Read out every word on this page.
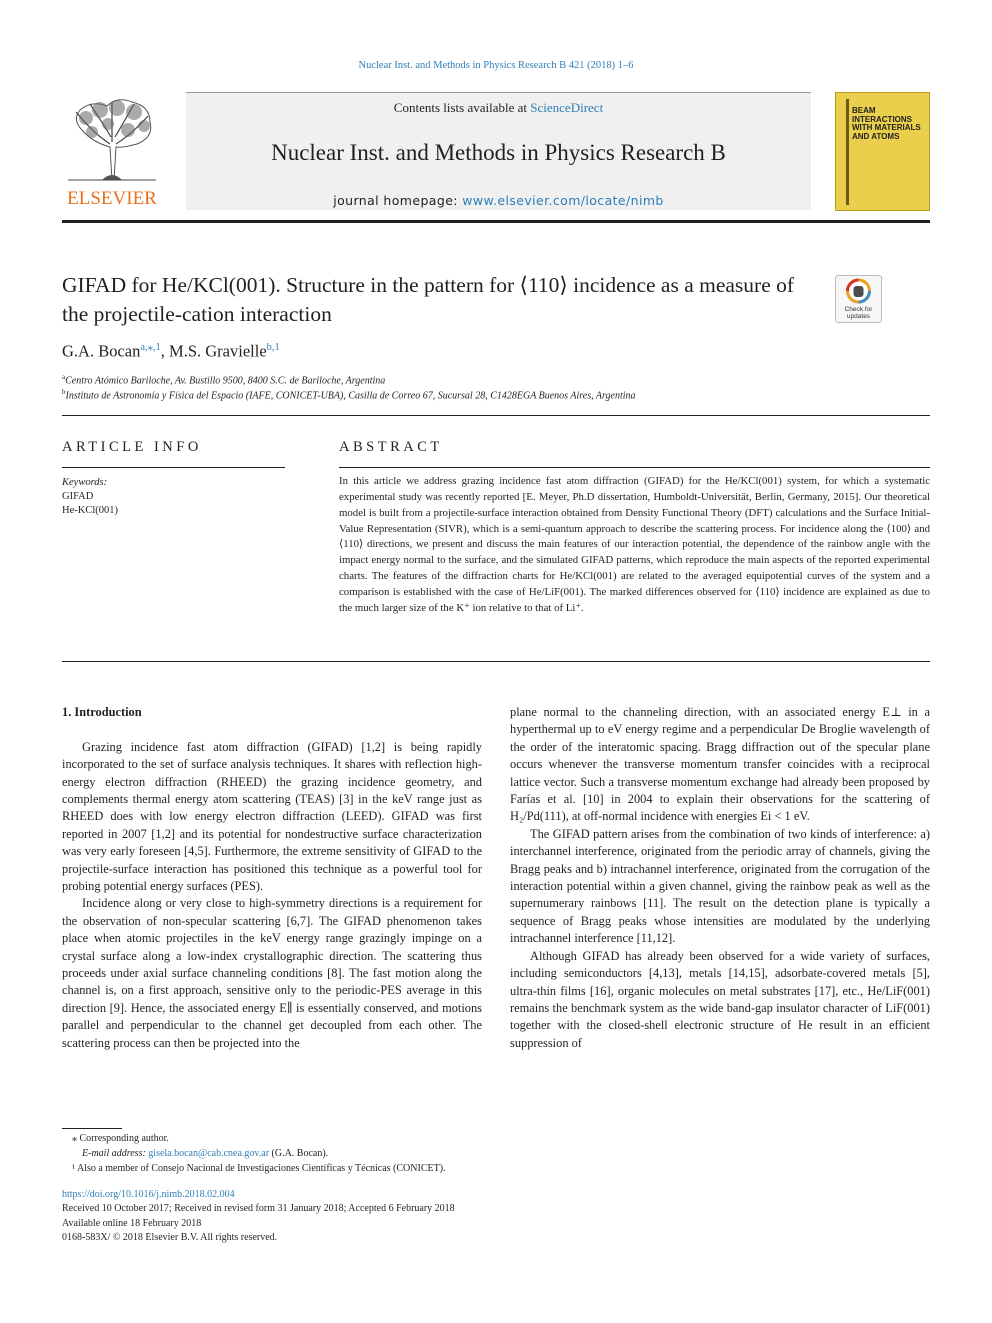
Nuclear Inst. and Methods in Physics Research B 421 (2018) 1–6
ELSEVIER
Contents lists available at ScienceDirect
Nuclear Inst. and Methods in Physics Research B
journal homepage: www.elsevier.com/locate/nimb
BEAM INTERACTIONS WITH MATERIALS AND ATOMS
GIFAD for He/KCl(001). Structure in the pattern for ⟨110⟩ incidence as a measure of the projectile-cation interaction	Check for
updates
G.A. Bocan$^{a,⁎,1}$, M.S. Gravielle$^{b,1}$
$^a$Centro Atómico Bariloche, Av. Bustillo 9500, 8400 S.C. de Bariloche, Argentina
$^b$Instituto de Astronomía y Física del Espacio (IAFE, CONICET-UBA), Casilla de Correo 67, Sucursal 28, C1428EGA Buenos Aires, Argentina
ARTICLE INFO	ABSTRACT
Keywords:
GIFAD
He-KCl(001)
In this article we address grazing incidence fast atom diffraction (GIFAD) for the He/KCl(001) system, for which a systematic experimental study was recently reported [E. Meyer, Ph.D dissertation, Humboldt-Universität, Berlin, Germany, 2015]. Our theoretical model is built from a projectile-surface interaction obtained from Density Functional Theory (DFT) calculations and the Surface Initial-Value Representation (SIVR), which is a semi-quantum approach to describe the scattering process. For incidence along the ⟨100⟩ and ⟨110⟩ directions, we present and discuss the main features of our interaction potential, the dependence of the rainbow angle with the impact energy normal to the surface, and the simulated GIFAD patterns, which reproduce the main aspects of the reported experimental charts. The features of the diffraction charts for He/KCl(001) are related to the averaged equipotential curves of the system and a comparison is established with the case of He/LiF(001). The marked differences observed for ⟨110⟩ incidence are explained as due to the much larger size of the K⁺ ion relative to that of Li⁺.

1. Introduction

Grazing incidence fast atom diffraction (GIFAD) [1,2] is being rapidly incorporated to the set of surface analysis techniques. It shares with reflection high-energy electron diffraction (RHEED) the grazing incidence geometry, and complements thermal energy atom scattering (TEAS) [3] in the keV range just as RHEED does with low energy electron diffraction (LEED). GIFAD was first reported in 2007 [1,2] and its potential for nondestructive surface characterization was very early foreseen [4,5]. Furthermore, the extreme sensitivity of GIFAD to the projectile-surface interaction has positioned this technique as a powerful tool for probing potential energy surfaces (PES).

Incidence along or very close to high-symmetry directions is a requirement for the observation of non-specular scattering [6,7]. The GIFAD phenomenon takes place when atomic projectiles in the keV energy range grazingly impinge on a crystal surface along a low-index crystallographic direction. The scattering thus proceeds under axial surface channeling conditions [8]. The fast motion along the channel is, on a first approach, sensitive only to the periodic-PES average in this direction [9]. Hence, the associated energy E∥ is essentially conserved, and motions parallel and perpendicular to the channel get decoupled from each other. The scattering process can then be projected into the

plane normal to the channeling direction, with an associated energy E⊥ in a hyperthermal up to eV energy regime and a perpendicular De Broglie wavelength of the order of the interatomic spacing. Bragg diffraction out of the specular plane occurs whenever the transverse momentum transfer coincides with a reciprocal lattice vector. Such a transverse momentum exchange had already been proposed by Farías et al. [10] in 2004 to explain their observations for the scattering of H₂/Pd(111), at off-normal incidence with energies Ei < 1 eV.

The GIFAD pattern arises from the combination of two kinds of interference: a) interchannel interference, originated from the periodic array of channels, giving the Bragg peaks and b) intrachannel interference, originated from the corrugation of the interaction potential within a given channel, giving the rainbow peak as well as the supernumerary rainbows [11]. The result on the detection plane is typically a sequence of Bragg peaks whose intensities are modulated by the underlying intrachannel interference [11,12].

Although GIFAD has already been observed for a wide variety of surfaces, including semiconductors [4,13], metals [14,15], adsorbate-covered metals [5], ultra-thin films [16], organic molecules on metal substrates [17], etc., He/LiF(001) remains the benchmark system as the wide band-gap insulator character of LiF(001) together with the closed-shell electronic structure of He result in an efficient suppression of

⁎ Corresponding author.
E-mail address: gisela.bocan@cab.cnea.gov.ar (G.A. Bocan).
¹ Also a member of Consejo Nacional de Investigaciones Científicas y Técnicas (CONICET).
https://doi.org/10.1016/j.nimb.2018.02.004
Received 10 October 2017; Received in revised form 31 January 2018; Accepted 6 February 2018
Available online 18 February 2018
0168-583X/ © 2018 Elsevier B.V. All rights reserved.
